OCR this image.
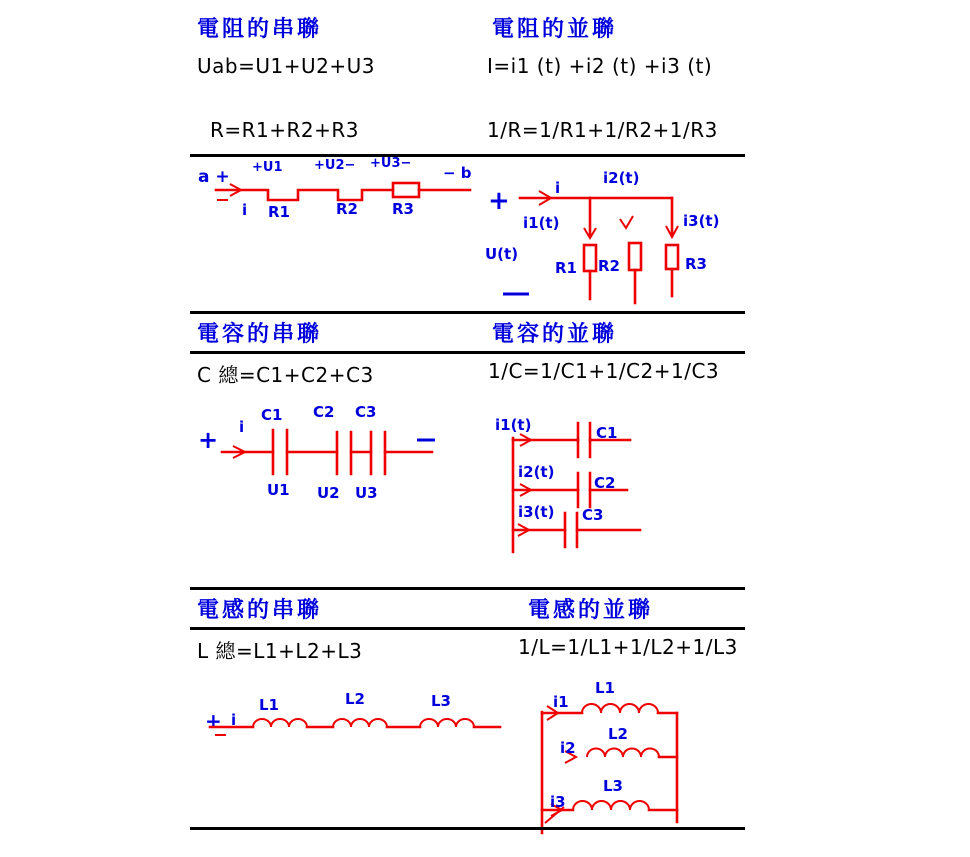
電阻的串聯	電阻的並聯
Uab=U1+U2+U3	I=i1 (t) +i2 (t) +i3 (t)
R=R1+R2+R3	1/R=1/R1+1/R2+1/R3
a + +U1 +U2− +U3−
− b
i R1	R2 R3	+	i
i2(t)
i1(t)	i3(t)
U(t)
R1 R2	R3
電容的串聯	電容的並聯
C 總=C1+C2+C3	1/C=1/C1+1/C2+1/C3
+ i
C1 C2 C3
U1 U2 U3
i1(t)	C1
i2(t)
C2
i3(t) C3
電感的串聯	電感的並聯
L 總=L1+L2+L3	1/L=1/L1+1/L2+1/L3
+ i
L1	L2	L3
L1
i1
L2
i2
L3
i3
